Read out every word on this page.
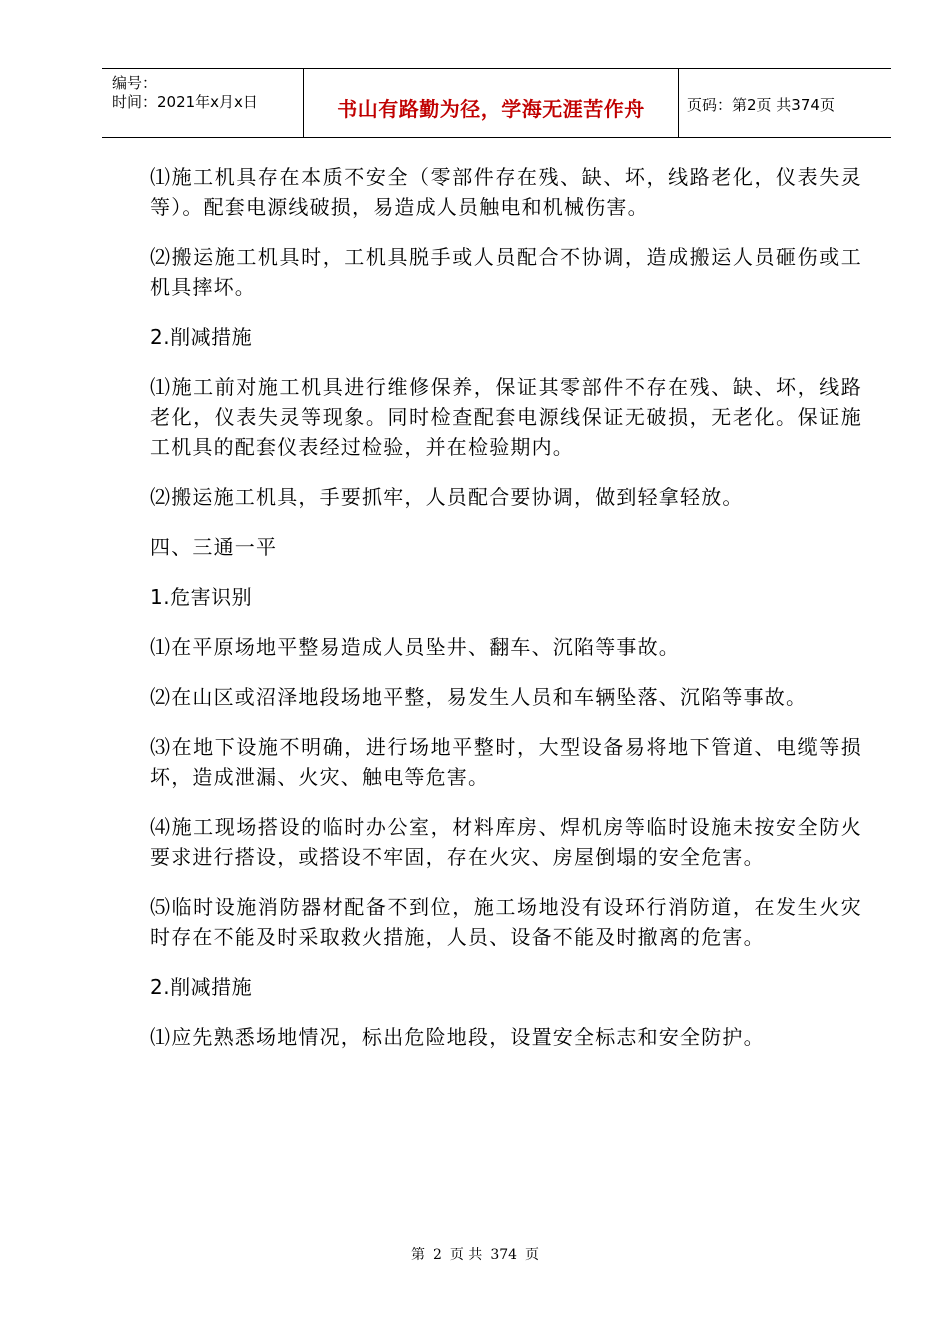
编号：
时间：2021年x月x日	书山有路勤为径，学海无涯苦作舟	页码：第2页 共374页

⑴施工机具存在本质不安全（零部件存在残、缺、坏，线路老化，仪表失灵等）。配套电源线破损，易造成人员触电和机械伤害。

⑵搬运施工机具时，工机具脱手或人员配合不协调，造成搬运人员砸伤或工机具摔坏。

2.削减措施

⑴施工前对施工机具进行维修保养，保证其零部件不存在残、缺、坏，线路老化，仪表失灵等现象。同时检查配套电源线保证无破损，无老化。保证施工机具的配套仪表经过检验，并在检验期内。

⑵搬运施工机具，手要抓牢，人员配合要协调，做到轻拿轻放。

四、三通一平

1.危害识别

⑴在平原场地平整易造成人员坠井、翻车、沉陷等事故。

⑵在山区或沼泽地段场地平整，易发生人员和车辆坠落、沉陷等事故。

⑶在地下设施不明确，进行场地平整时，大型设备易将地下管道、电缆等损坏，造成泄漏、火灾、触电等危害。

⑷施工现场搭设的临时办公室，材料库房、焊机房等临时设施未按安全防火要求进行搭设，或搭设不牢固，存在火灾、房屋倒塌的安全危害。

⑸临时设施消防器材配备不到位，施工场地没有设环行消防道，在发生火灾时存在不能及时采取救火措施，人员、设备不能及时撤离的危害。

2.削减措施

⑴应先熟悉场地情况，标出危险地段，设置安全标志和安全防护。

第 2 页 共 374 页
